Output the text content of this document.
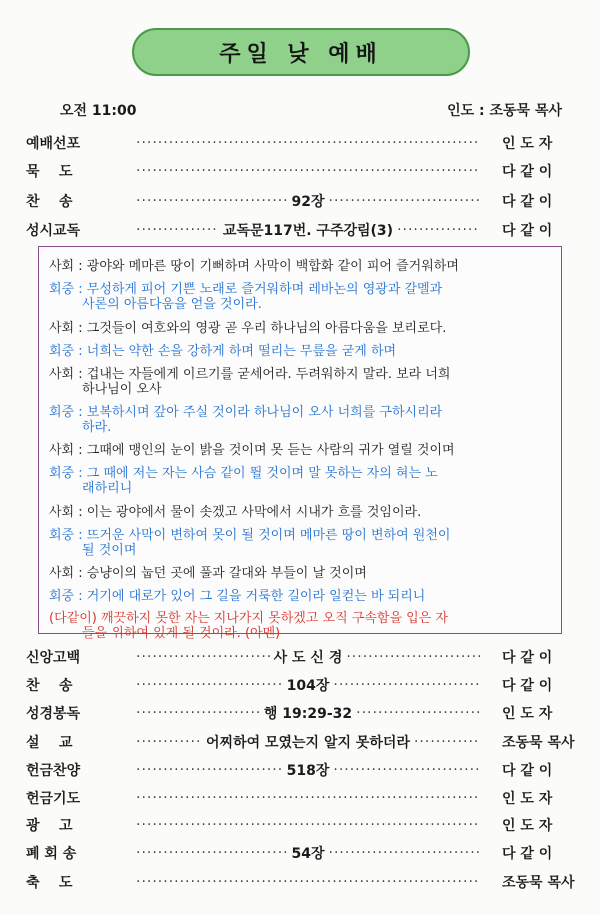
주일 낮 예배
오전 11:00	인도 : 조동묵 목사
예배선포 ·····	인 도 자
묵    도 ·····	다 같 이
찬    송 ·····	92장 ·····	다 같 이
성시교독 ·····	교독문117번. 구주강림(3) ·····	다 같 이
사회 : 광야와 메마른 땅이 기뻐하며 사막이 백합화 같이 피어 즐거워하며
회중 : 무성하게 피어 기쁜 노래로 즐거워하며 레바논의 영광과 갈멜과
사론의 아름다움을 얻을 것이라.
사회 : 그것들이 여호와의 영광 곧 우리 하나님의 아름다움을 보리로다.
회중 : 너희는 약한 손을 강하게 하며 떨리는 무릎을 굳게 하며
사회 : 겁내는 자들에게 이르기를 굳세어라. 두려워하지 말라. 보라 너희
하나님이 오사
회중 : 보복하시며 갚아 주실 것이라 하나님이 오사 너희를 구하시리라
하라.
사회 : 그때에 맹인의 눈이 밝을 것이며 못 듣는 사람의 귀가 열릴 것이며
회중 : 그 때에 저는 자는 사슴 같이 뛸 것이며 말 못하는 자의 혀는 노
래하리니
사회 : 이는 광야에서 물이 솟겠고 사막에서 시내가 흐를 것임이라.
회중 : 뜨거운 사막이 변하여 못이 될 것이며 메마른 땅이 변하여 원천이
될 것이며
사회 : 승냥이의 눕던 곳에 풀과 갈대와 부들이 날 것이며
회중 : 거기에 대로가 있어 그 길을 거룩한 길이라 일컫는 바 되리니
(다같이) 깨끗하지 못한 자는 지나가지 못하겠고 오직 구속함을 입은 자
들을 위하여 있게 될 것이라. (아멘)
신앙고백 ·····	사 도 신 경 ·····	다 같 이
찬    송 ·····	104장 ·····	다 같 이
성경봉독 ·····	행 19:29-32 ·····	인 도 자
설    교 ·····	어찌하여 모였는지 알지 못하더라 ·····	조동묵 목사
헌금찬양 ·····	518장 ·····	다 같 이
헌금기도 ·····	인 도 자
광    고 ·····	인 도 자
폐 회 송 ·····	54장 ·····	다 같 이
축    도 ·····	조동묵 목사
